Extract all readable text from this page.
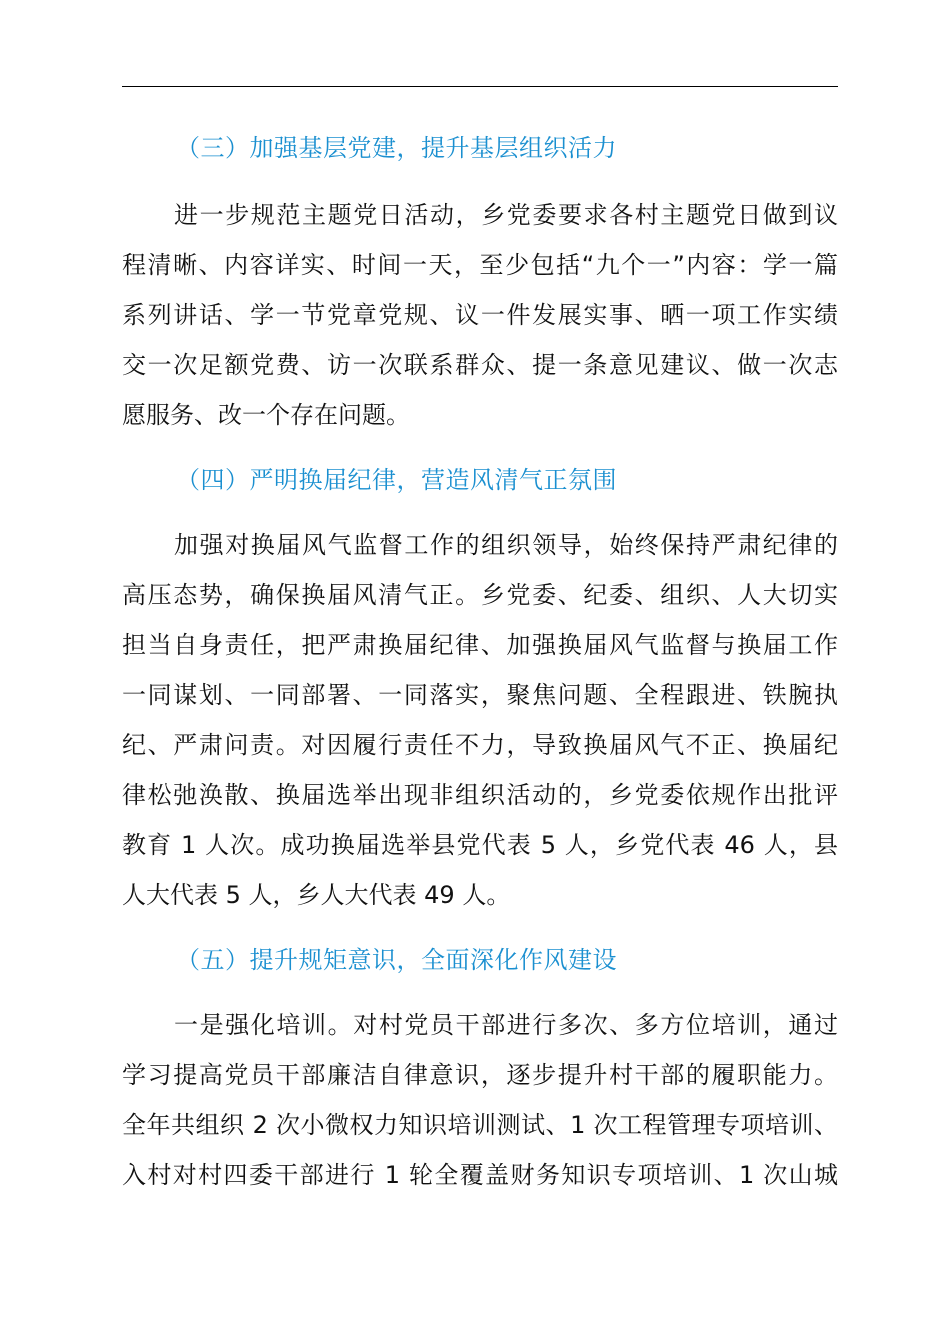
（三）加强基层党建，提升基层组织活力
进一步规范主题党日活动，乡党委要求各村主题党日做到议
程清晰、内容详实、时间一天，至少包括“九个一”内容：学一篇
系列讲话、学一节党章党规、议一件发展实事、晒一项工作实绩
交一次足额党费、访一次联系群众、提一条意见建议、做一次志
愿服务、改一个存在问题。
（四）严明换届纪律，营造风清气正氛围
加强对换届风气监督工作的组织领导，始终保持严肃纪律的
高压态势，确保换届风清气正。乡党委、纪委、组织、人大切实
担当自身责任，把严肃换届纪律、加强换届风气监督与换届工作
一同谋划、一同部署、一同落实，聚焦问题、全程跟进、铁腕执
纪、严肃问责。对因履行责任不力，导致换届风气不正、换届纪
律松弛涣散、换届选举出现非组织活动的，乡党委依规作出批评
教育 1 人次。成功换届选举县党代表 5 人，乡党代表 46 人，县
人大代表 5 人，乡人大代表 49 人。
（五）提升规矩意识，全面深化作风建设
一是强化培训。对村党员干部进行多次、多方位培训，通过
学习提高党员干部廉洁自律意识，逐步提升村干部的履职能力。
全年共组织 2 次小微权力知识培训测试、1 次工程管理专项培训、
入村对村四委干部进行 1 轮全覆盖财务知识专项培训、1 次山城
